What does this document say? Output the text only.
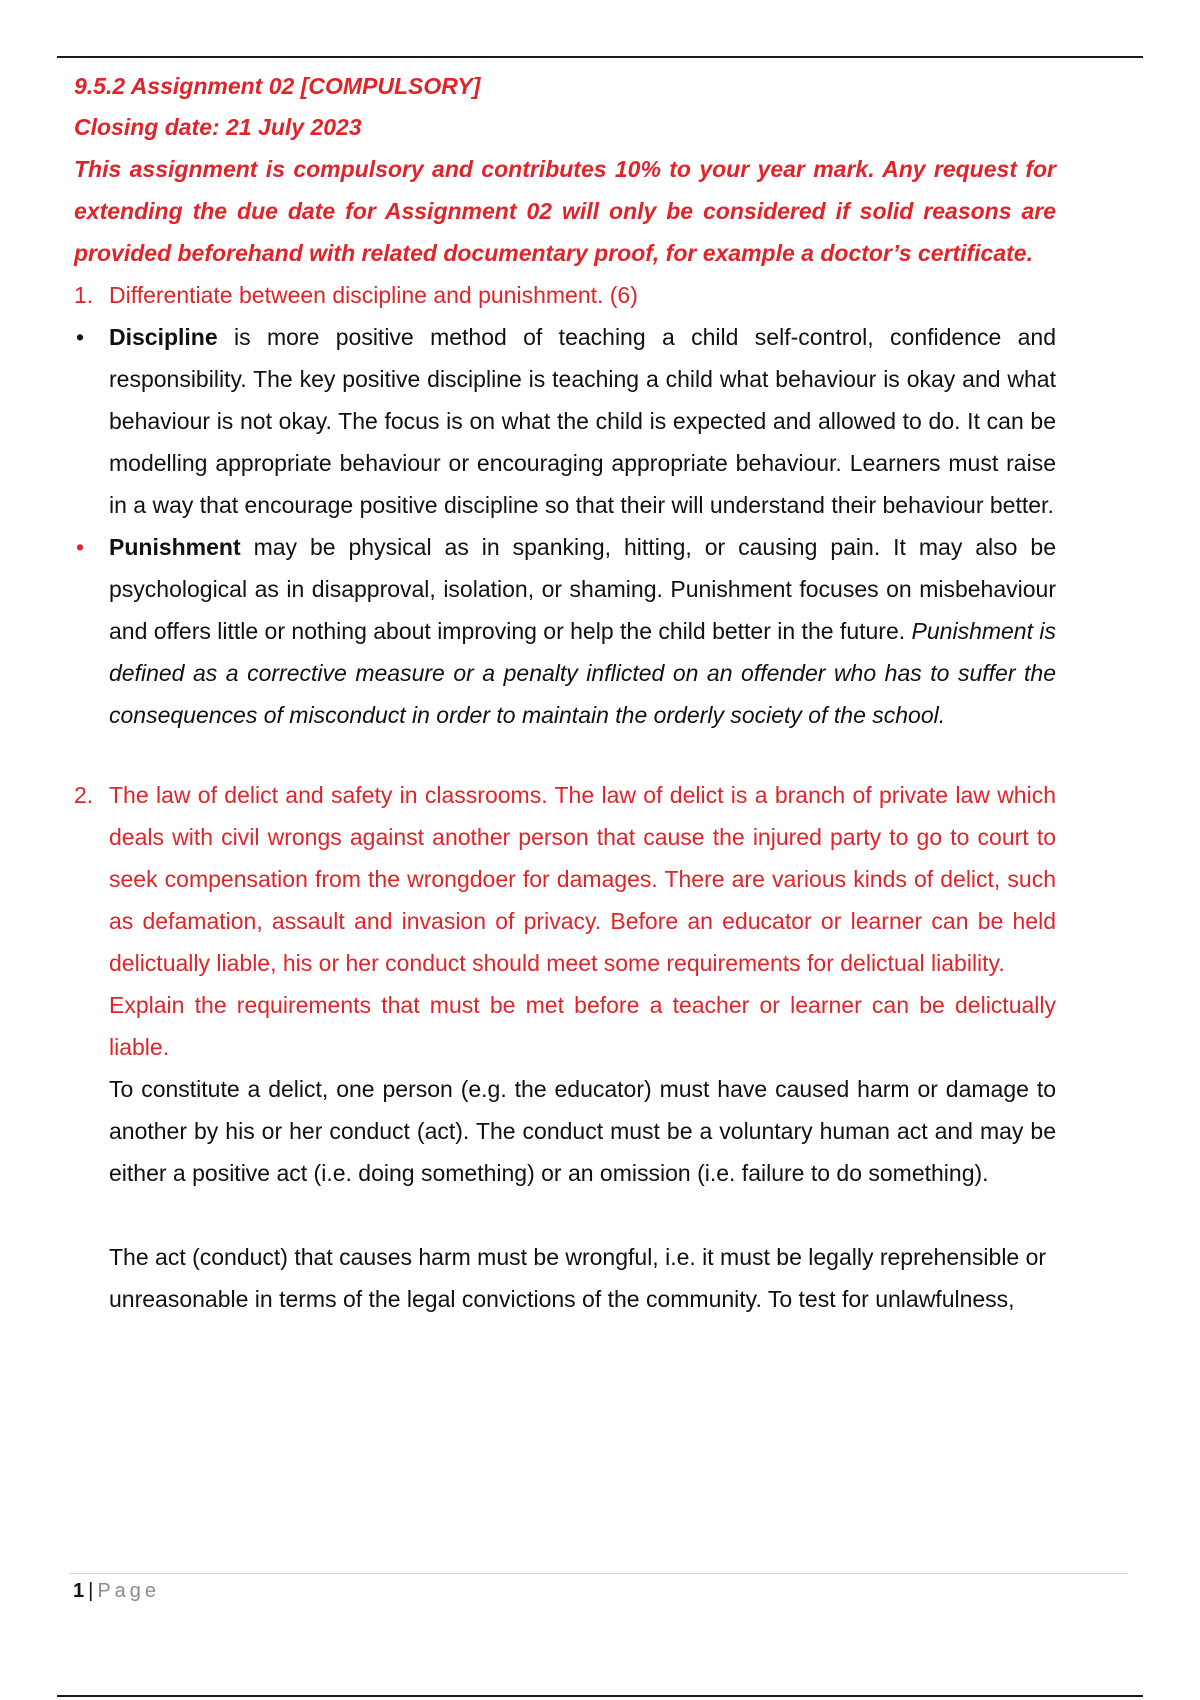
9.5.2 Assignment 02 [COMPULSORY]

Closing date: 21 July 2023

This assignment is compulsory and contributes 10% to your year mark. Any request for extending the due date for Assignment 02 will only be considered if solid reasons are provided beforehand with related documentary proof, for example a doctor’s certificate.

1. Differentiate between discipline and punishment. (6)
• Discipline is more positive method of teaching a child self-control, confidence and responsibility. The key positive discipline is teaching a child what behaviour is okay and what behaviour is not okay. The focus is on what the child is expected and allowed to do. It can be modelling appropriate behaviour or encouraging appropriate behaviour. Learners must raise in a way that encourage positive discipline so that their will understand their behaviour better.
• Punishment may be physical as in spanking, hitting, or causing pain. It may also be psychological as in disapproval, isolation, or shaming. Punishment focuses on misbehaviour and offers little or nothing about improving or help the child better in the future. Punishment is defined as a corrective measure or a penalty inflicted on an offender who has to suffer the consequences of misconduct in order to maintain the orderly society of the school.
2. The law of delict and safety in classrooms. The law of delict is a branch of private law which deals with civil wrongs against another person that cause the injured party to go to court to seek compensation from the wrongdoer for damages. There are various kinds of delict, such as defamation, assault and invasion of privacy. Before an educator or learner can be held delictually liable, his or her conduct should meet some requirements for delictual liability.

Explain the requirements that must be met before a teacher or learner can be delictually liable.

To constitute a delict, one person (e.g. the educator) must have caused harm or damage to another by his or her conduct (act). The conduct must be a voluntary human act and may be either a positive act (i.e. doing something) or an omission (i.e. failure to do something).

The act (conduct) that causes harm must be wrongful, i.e. it must be legally reprehensible or unreasonable in terms of the legal convictions of the community. To test for unlawfulness,

1 | Page
